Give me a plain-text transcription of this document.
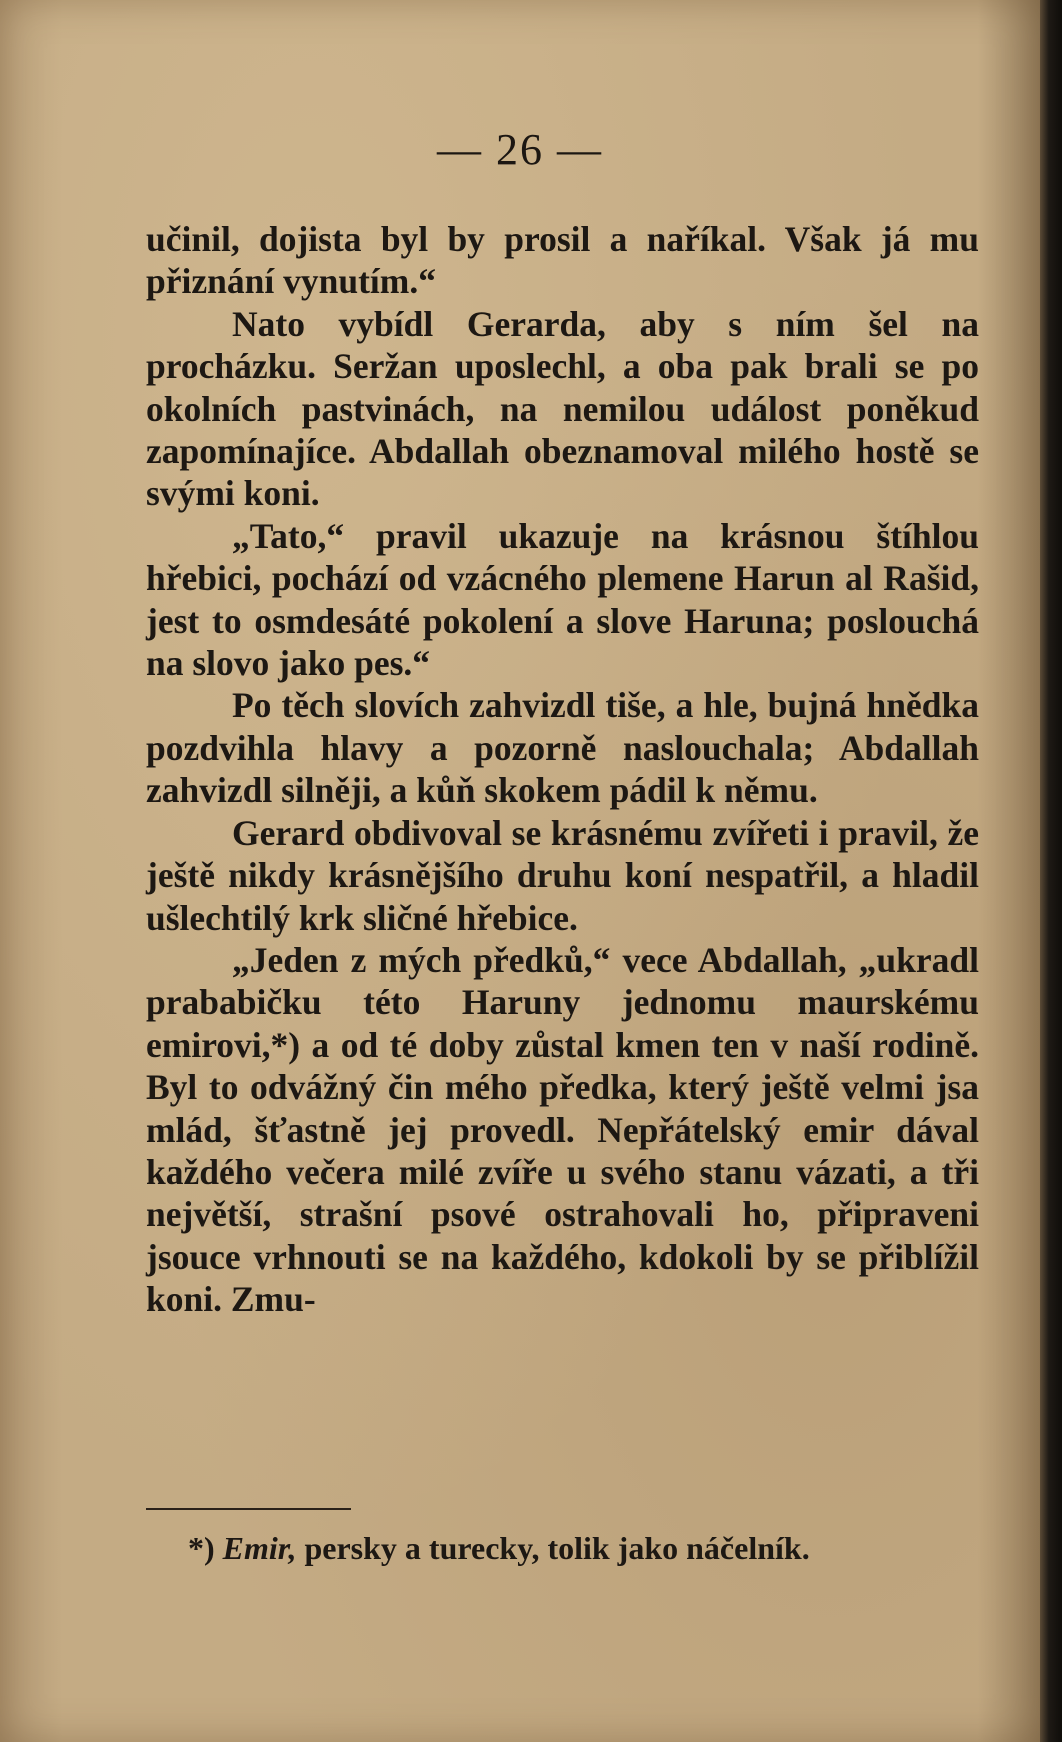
— 26 —

učinil, dojista byl by prosil a naříkal. Však já mu přiznání vynutím.“

Nato vybídl Gerarda, aby s ním šel na procházku. Seržan uposlechl, a oba pak brali se po okolních pastvinách, na nemilou událost poněkud zapomínajíce. Abdallah obeznamoval milého hostě se svými koni.

„Tato,“ pravil ukazuje na krásnou štíhlou hřebici, pochází od vzácného plemene Harun al Rašid, jest to osmdesáté pokolení a slove Haruna; poslouchá na slovo jako pes.“

Po těch slovích zahvizdl tiše, a hle, bujná hnědka pozdvihla hlavy a pozorně naslouchala; Abdallah zahvizdl silněji, a kůň skokem pádil k němu.

Gerard obdivoval se krásnému zvířeti i pravil, že ještě nikdy krásnějšího druhu koní nespatřil, a hladil ušlechtilý krk sličné hřebice.

„Jeden z mých předků,“ vece Abdallah, „ukradl prababičku této Haruny jednomu maurskému emirovi,*) a od té doby zůstal kmen ten v naší rodině. Byl to odvážný čin mého předka, který ještě velmi jsa mlád, šťastně jej provedl. Nepřátelský emir dával každého večera milé zvíře u svého stanu vázati, a tři největší, strašní psové ostrahovali ho, připraveni jsouce vrhnouti se na každého, kdokoli by se přiblížil koni. Zmu-

*) Emir, persky a turecky, tolik jako náčelník.
